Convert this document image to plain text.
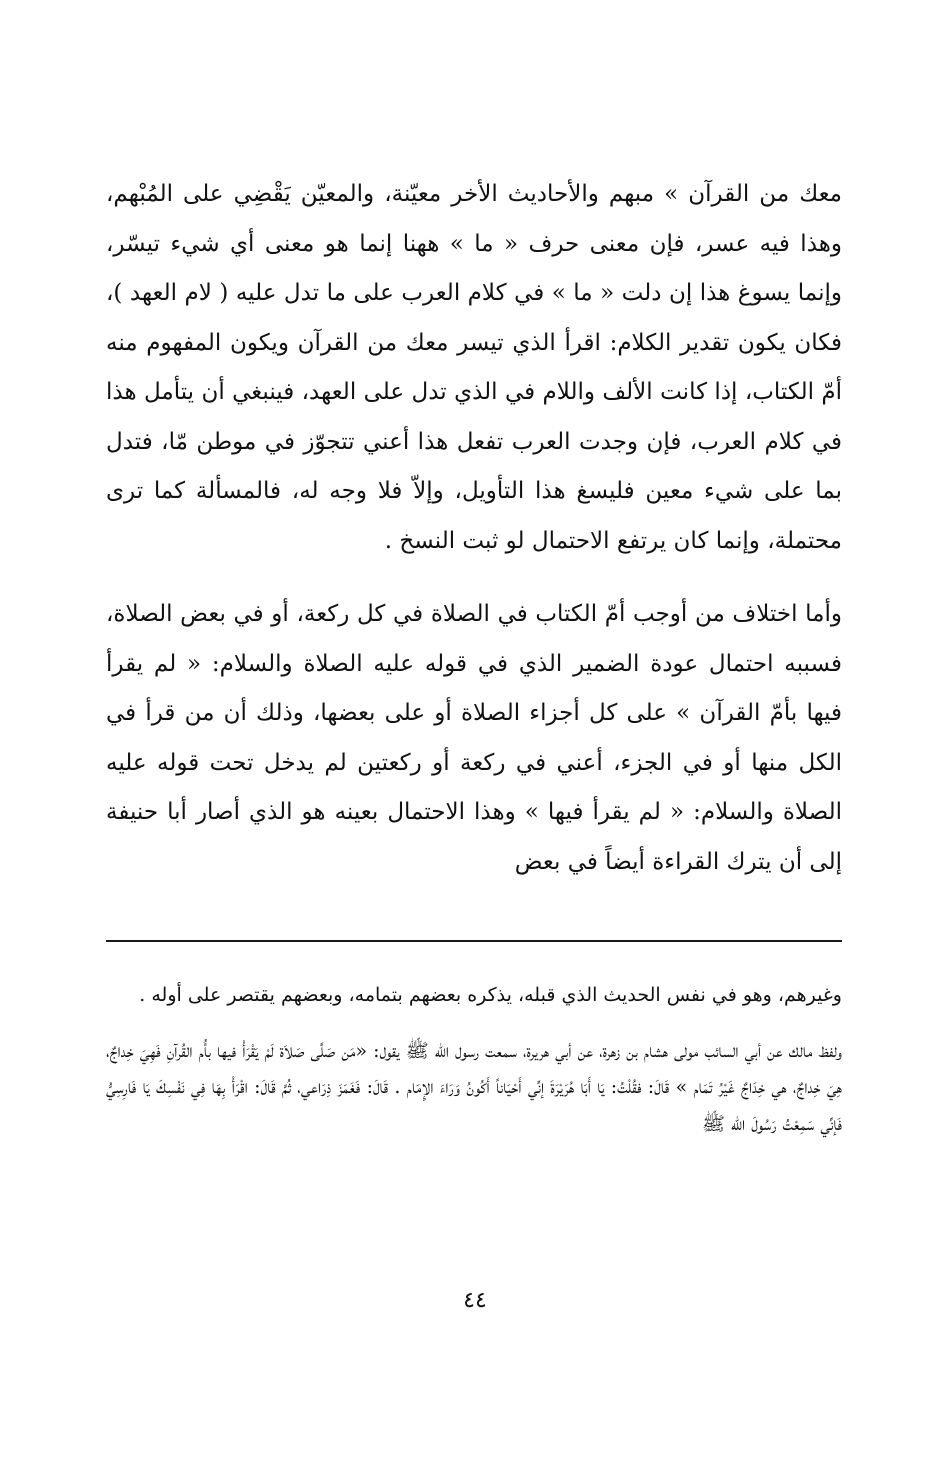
معك من القرآن » مبهم والأحاديث الأخر معيّنة، والمعيّن يَقْضِي على المُبْهم، وهذا فيه عسر، فإن معنى حرف « ما » ههنا إنما هو معنى أي شيء تيسّر، وإنما يسوغ هذا إن دلت « ما » في كلام العرب على ما تدل عليه ( لام العهد )، فكان يكون تقدير الكلام: اقرأ الذي تيسر معك من القرآن ويكون المفهوم منه أمّ الكتاب، إذا كانت الألف واللام في الذي تدل على العهد، فينبغي أن يتأمل هذا في كلام العرب، فإن وجدت العرب تفعل هذا أعني تتجوّز في موطن مّا، فتدل بما على شيء معين فليسغ هذا التأويل، وإلاّ فلا وجه له، فالمسألة كما ترى محتملة، وإنما كان يرتفع الاحتمال لو ثبت النسخ .

وأما اختلاف من أوجب أمّ الكتاب في الصلاة في كل ركعة، أو في بعض الصلاة، فسببه احتمال عودة الضمير الذي في قوله عليه الصلاة والسلام: « لم يقرأ فيها بأمّ القرآن » على كل أجزاء الصلاة أو على بعضها، وذلك أن من قرأ في الكل منها أو في الجزء، أعني في ركعة أو ركعتين لم يدخل تحت قوله عليه الصلاة والسلام: « لم يقرأ فيها » وهذا الاحتمال بعينه هو الذي أصار أبا حنيفة إلى أن يترك القراءة أيضاً في بعض

وغيرهم، وهو في نفس الحديث الذي قبله، يذكره بعضهم بتمامه، وبعضهم يقتصر على أوله .

ولفظ مالك عن أبي السائب مولى هشام بن زهرة، عن أبي هريرة، سمعت رسول الله ﷺ يقول: «مَن صَلَّى صَلاَة لَمْ يَقْرَأْ فيها بأُم القُرآنِ فَهِيَ خِداجٌ، هِيَ خِداجٌ، هي خِدَاجٌ غَيْرُ تَمَام » قَالَ: فقُلْتُ: يَا أَبَا هُرَيْرَةَ إنِّي أَحْيَاناً أَكُونُ وَرَاءَ الإِمَام . قَالَ: فَغَمَزَ ذِرَاعي، ثُمَّ قَالَ: اقْرَأْ بِهَا فِي نَفْسِكَ يَا فَارِسِيُّ فَإنِّي سَمِعْتُ رَسُولَ الله ﷺ

٤٤
